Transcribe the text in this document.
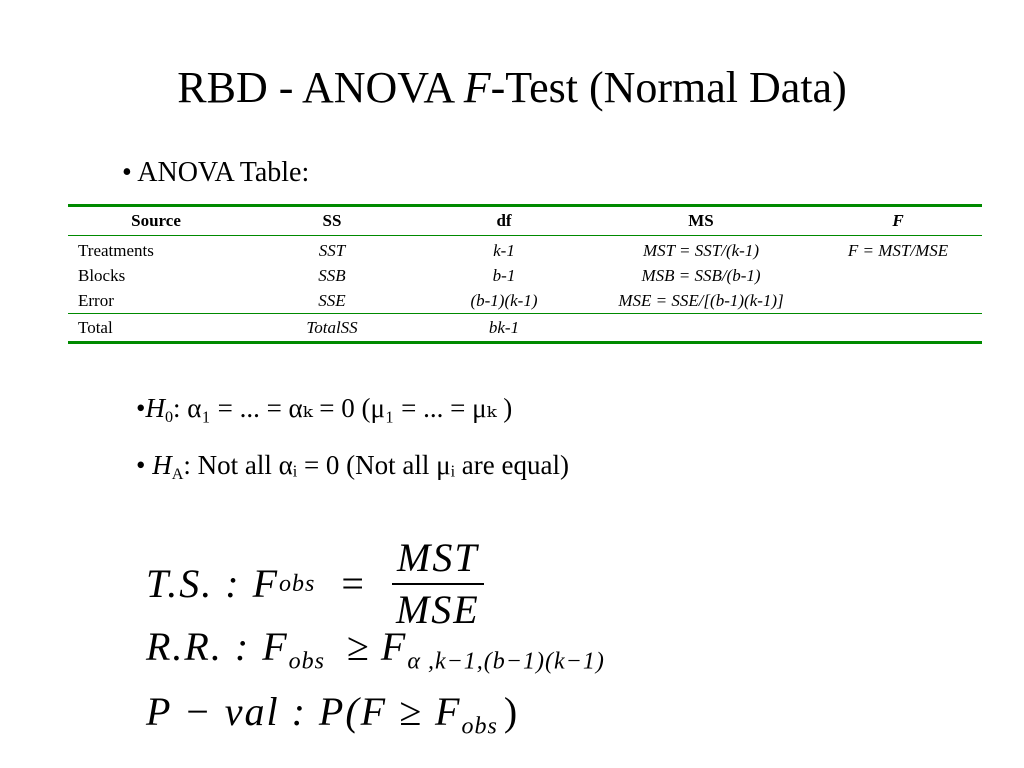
RBD - ANOVA F-Test (Normal Data)
• ANOVA Table:
Source	SS	df	MS	F
Treatments	SST	k-1	MST = SST/(k-1)	F = MST/MSE
Blocks	SSB	b-1	MSB = SSB/(b-1)	
Error	SSE	(b-1)(k-1)	MSE = SSE/[(b-1)(k-1)]	
Total	TotalSS	bk-1		
$•H_0$: α₁ = ... = αₖ = 0 (μ₁ = ... = μₖ )
• $H_A$: Not all αᵢ = 0 (Not all μᵢ are equal)
T.S. : Fobs = $\frac{\text{MST}}{\text{MSE}}$
R.R. : $F_{obs} \ge F_{\alpha ,k-1,(b-1)(k-1)}$
P − val : $P(F \ge F_{obs}$ )
